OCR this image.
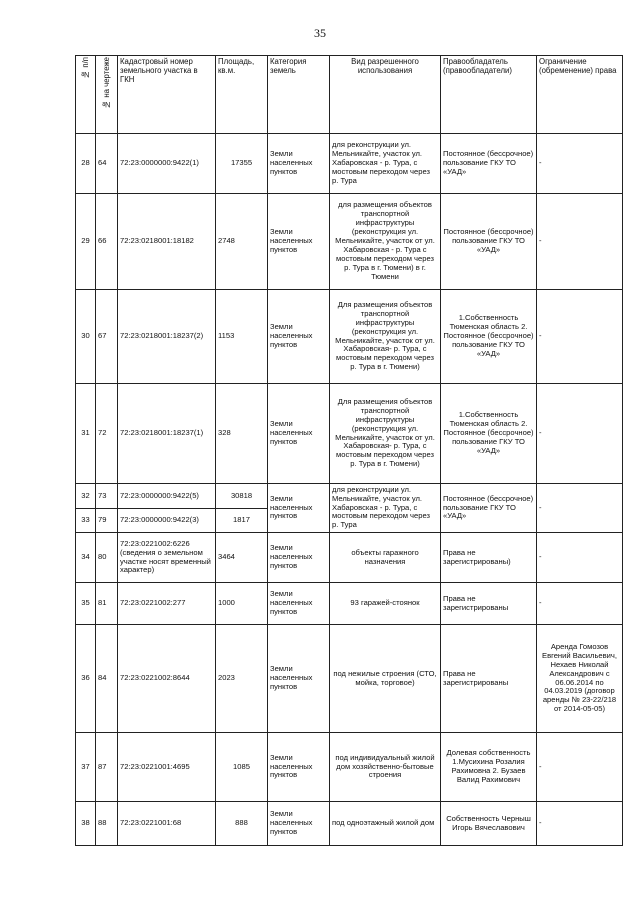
35
№ п/п	№ на чертеже	Кадастровый номер земельного участка в ГКН	Площадь, кв.м.	Категория земель	Вид разрешенного использования	Правообладатель (правообладатели)	Ограничение (обременение) права
28	64	72:23:0000000:9422(1)	17355	Земли населенных пунктов	для реконструкции ул. Мельникайте, участок ул. Хабаровская - р. Тура, с мостовым переходом через р. Тура	Постоянное (бессрочное) пользование ГКУ ТО «УАД»	-
29	66	72:23:0218001:18182	2748	Земли населенных пунктов	для размещения объектов транспортной инфраструктуры (реконструкция ул. Мельникайте, участок от ул. Хабаровская - р. Тура с мостовым переходом через р. Тура в г. Тюмени) в г. Тюмени	Постоянное (бессрочное) пользование ГКУ ТО «УАД»	-
30	67	72:23:0218001:18237(2)	1153	Земли населенных пунктов	Для размещения объектов транспортной инфраструктуры (реконструкция ул. Мельникайте, участок от ул. Хабаровская- р. Тура, с мостовым переходом через р. Тура в г. Тюмени)	1.Собственность Тюменская область 2. Постоянное (бессрочное) пользование ГКУ ТО «УАД»	-
31	72	72:23:0218001:18237(1)	328	Земли населенных пунктов	Для размещения объектов транспортной инфраструктуры (реконструкция ул. Мельникайте, участок от ул. Хабаровская- р. Тура, с мостовым переходом через р. Тура в г. Тюмени)	1.Собственность Тюменская область 2. Постоянное (бессрочное) пользование ГКУ ТО «УАД»	-
32	73	72:23:0000000:9422(5)	30818	Земли населенных пунктов	для реконструкции ул. Мельникайте, участок ул. Хабаровская - р. Тура, с мостовым переходом через р. Тура	Постоянное (бессрочное) пользование ГКУ ТО «УАД»	-
33	79	72:23:0000000:9422(3)	1817				
34	80	72:23:0221002:6226 (сведения о земельном участке носят временный характер)	3464	Земли населенных пунктов	объекты гаражного назначения	Права не зарегистрированы)	-
35	81	72:23:0221002:277	1000	Земли населенных пунктов	93 гаражей-стоянок	Права не зарегистрированы	-
36	84	72:23:0221002:8644	2023	Земли населенных пунктов	под нежилые строения (СТО, мойка, торговое)	Права не зарегистрированы	Аренда Гомозов Евгений Васильевич, Нехаев Николай Александрович с 06.06.2014 по 04.03.2019 (договор аренды № 23-22/218 от 2014-05-05)
37	87	72:23:0221001:4695	1085	Земли населенных пунктов	под индивидуальный жилой дом хозяйственно-бытовые строения	Долевая собственность 1.Мусихина Розалия Рахимовна 2. Бузаев Валид Рахимович	-
38	88	72:23:0221001:68	888	Земли населенных пунктов	под одноэтажный жилой дом	Собственность Черныш Игорь Вячеславович	-
